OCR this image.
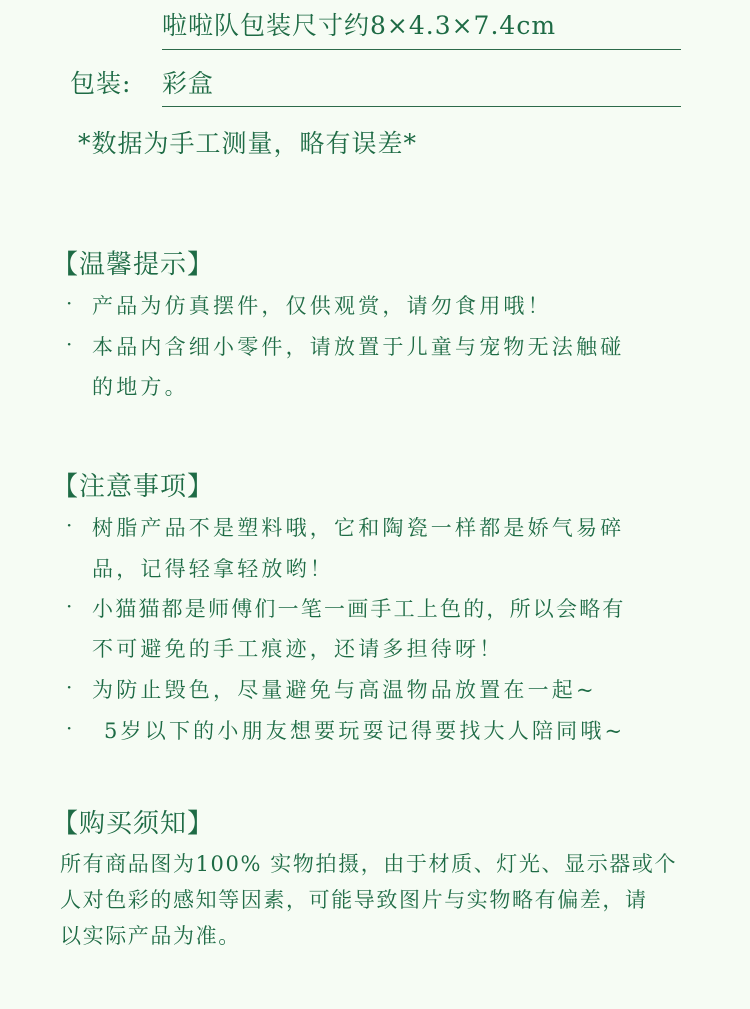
啦啦队包装尺寸约8×4.3×7.4cm
包装: 彩盒
*数据为手工测量，略有误差*
【温馨提示】
· 产品为仿真摆件，仅供观赏，请勿食用哦！
· 本品内含细小零件，请放置于儿童与宠物无法触碰
的地方。
【注意事项】
· 树脂产品不是塑料哦，它和陶瓷一样都是娇气易碎
品，记得轻拿轻放哟！
· 小猫猫都是师傅们一笔一画手工上色的，所以会略有
不可避免的手工痕迹，还请多担待呀！
· 为防止毁色，尽量避免与高温物品放置在一起~
· 5岁以下的小朋友想要玩耍记得要找大人陪同哦~
【购买须知】
所有商品图为100% 实物拍摄，由于材质、灯光、显示器或个
人对色彩的感知等因素，可能导致图片与实物略有偏差，请
以实际产品为准。
